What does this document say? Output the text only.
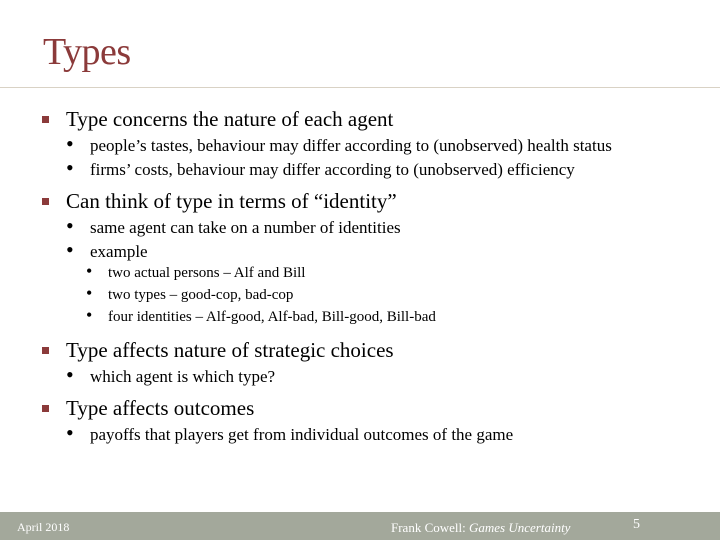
Types
Type concerns the nature of each agent
• people’s tastes, behaviour may differ according to (unobserved) health status
• firms’ costs, behaviour may differ according to (unobserved) efficiency
Can think of type in terms of “identity”
• same agent can take on a number of identities
• example
• two actual persons – Alf and Bill
• two types – good-cop, bad-cop
• four identities – Alf-good, Alf-bad, Bill-good, Bill-bad
Type affects nature of strategic choices
• which agent is which type?
Type affects outcomes
• payoffs that players get from individual outcomes of the game
April 2018	Frank Cowell: Games Uncertainty	5
